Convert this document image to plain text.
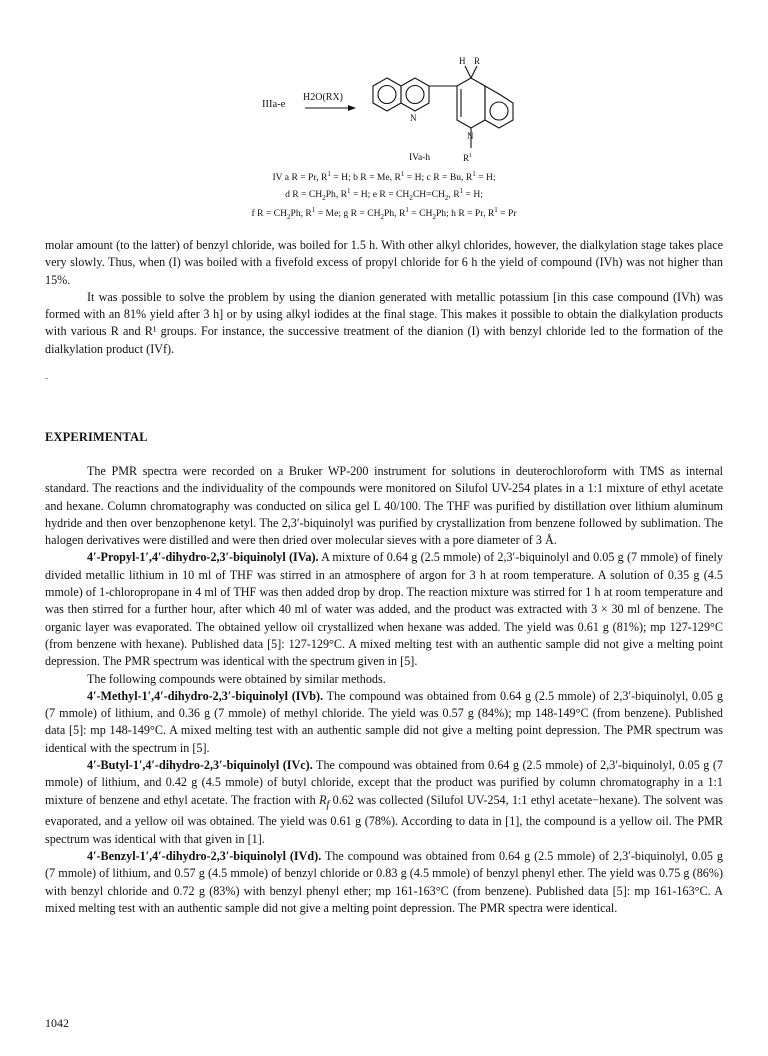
IIIa-e
H2O(RX)
N
H R
N
$R^1$
IVa-h
IV a R = Pr, $R^1 = H$; b R = Me, $R^1 = H$; c R = Bu, $R^1 = H$;
d $R = CH_2Ph$, $R^1 = H$; e $R = CH_2CH=CH_2$, $R^1 = H$;
f $R = CH_2Ph$, $R^1 = Me$; g $R = CH_2Ph$, $R^1 = CH_2Ph$; h R = Pr, $R^1 = Pr$

molar amount (to the latter) of benzyl chloride, was boiled for 1.5 h. With other alkyl chlorides, however, the dialkylation stage takes place very slowly. Thus, when (I) was boiled with a fivefold excess of propyl chloride for 6 h the yield of compound (IVh) was not higher than 15%.

It was possible to solve the problem by using the dianion generated with metallic potassium [in this case compound (IVh) was formed with an 81% yield after 3 h] or by using alkyl iodides at the final stage. This makes it possible to obtain the dialkylation products with various R and R¹ groups. For instance, the successive treatment of the dianion (I) with benzyl chloride led to the formation of the dialkylation product (IVf).

EXPERIMENTAL

The PMR spectra were recorded on a Bruker WP-200 instrument for solutions in deuterochloroform with TMS as internal standard. The reactions and the individuality of the compounds were monitored on Silufol UV-254 plates in a 1:1 mixture of ethyl acetate and hexane. Column chromatography was conducted on silica gel L 40/100. The THF was purified by distillation over lithium aluminum hydride and then over benzophenone ketyl. The 2,3′-biquinolyl was purified by crystallization from benzene followed by sublimation. The halogen derivatives were distilled and were then dried over molecular sieves with a pore diameter of 3 Å.

4′-Propyl-1′,4′-dihydro-2,3′-biquinolyl (IVa). A mixture of 0.64 g (2.5 mmole) of 2,3′-biquinolyl and 0.05 g (7 mmole) of finely divided metallic lithium in 10 ml of THF was stirred in an atmosphere of argon for 3 h at room temperature. A solution of 0.35 g (4.5 mmole) of 1-chloropropane in 4 ml of THF was then added drop by drop. The reaction mixture was stirred for 1 h at room temperature and was then stirred for a further hour, after which 40 ml of water was added, and the product was extracted with 3 × 30 ml of benzene. The organic layer was evaporated. The obtained yellow oil crystallized when hexane was added. The yield was 0.61 g (81%); mp 127-129°C (from benzene with hexane). Published data [5]: 127-129°C. A mixed melting test with an authentic sample did not give a melting point depression. The PMR spectrum was identical with the spectrum given in [5].

The following compounds were obtained by similar methods.

4′-Methyl-1′,4′-dihydro-2,3′-biquinolyl (IVb). The compound was obtained from 0.64 g (2.5 mmole) of 2,3′-biquinolyl, 0.05 g (7 mmole) of lithium, and 0.36 g (7 mmole) of methyl chloride. The yield was 0.57 g (84%); mp 148-149°C (from benzene). Published data [5]: mp 148-149°C. A mixed melting test with an authentic sample did not give a melting point depression. The PMR spectrum was identical with the spectrum in [5].

4′-Butyl-1′,4′-dihydro-2,3′-biquinolyl (IVc). The compound was obtained from 0.64 g (2.5 mmole) of 2,3′-biquinolyl, 0.05 g (7 mmole) of lithium, and 0.42 g (4.5 mmole) of butyl chloride, except that the product was purified by column chromatography in a 1:1 mixture of benzene and ethyl acetate. The fraction with $R_f$ 0.62 was collected (Silufol UV-254, 1:1 ethyl acetate−hexane). The solvent was evaporated, and a yellow oil was obtained. The yield was 0.61 g (78%). According to data in [1], the compound is a yellow oil. The PMR spectrum was identical with that given in [1].

4′-Benzyl-1′,4′-dihydro-2,3′-biquinolyl (IVd). The compound was obtained from 0.64 g (2.5 mmole) of 2,3′-biquinolyl, 0.05 g (7 mmole) of lithium, and 0.57 g (4.5 mmole) of benzyl chloride or 0.83 g (4.5 mmole) of benzyl phenyl ether. The yield was 0.75 g (86%) with benzyl chloride and 0.72 g (83%) with benzyl phenyl ether; mp 161-163°C (from benzene). Published data [5]: mp 161-163°C. A mixed melting test with an authentic sample did not give a melting point depression. The PMR spectra were identical.

1042
